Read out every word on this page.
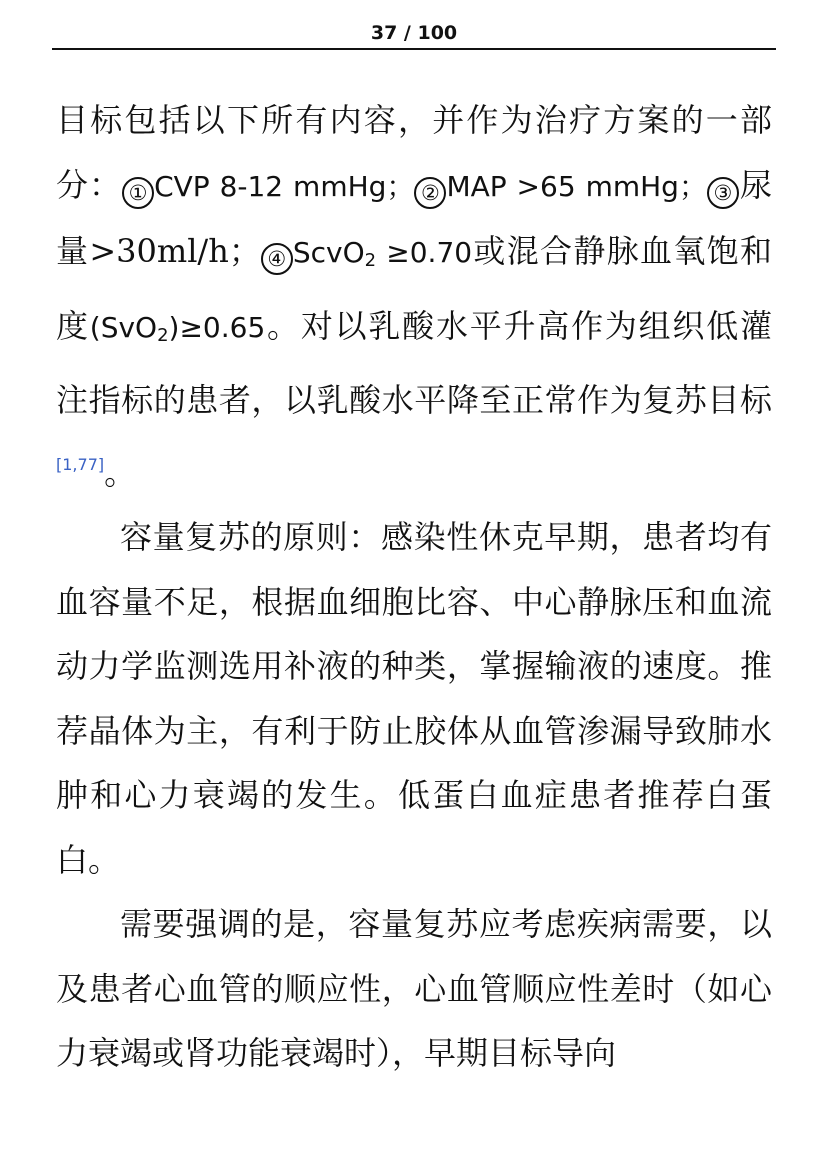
37 / 100

目标包括以下所有内容，并作为治疗方案的一部分： ① CVP 8-12 mmHg； ② MAP >65 mmHg； ③ 尿量>30ml/h； ④ ScvO$_2$ ≥0.70或混合静脉血氧饱和度(SvO$_2$)≥0.65。对以乳酸水平升高作为组织低灌注指标的患者，以乳酸水平降至正常作为复苏目标[1,77]。

容量复苏的原则：感染性休克早期，患者均有血容量不足，根据血细胞比容、中心静脉压和血流动力学监测选用补液的种类，掌握输液的速度。推荐晶体为主，有利于防止胶体从血管渗漏导致肺水肿和心力衰竭的发生。低蛋白血症患者推荐白蛋白。

需要强调的是，容量复苏应考虑疾病需要，以及患者心血管的顺应性，心血管顺应性差时（如心力衰竭或肾功能衰竭时），早期目标导向
